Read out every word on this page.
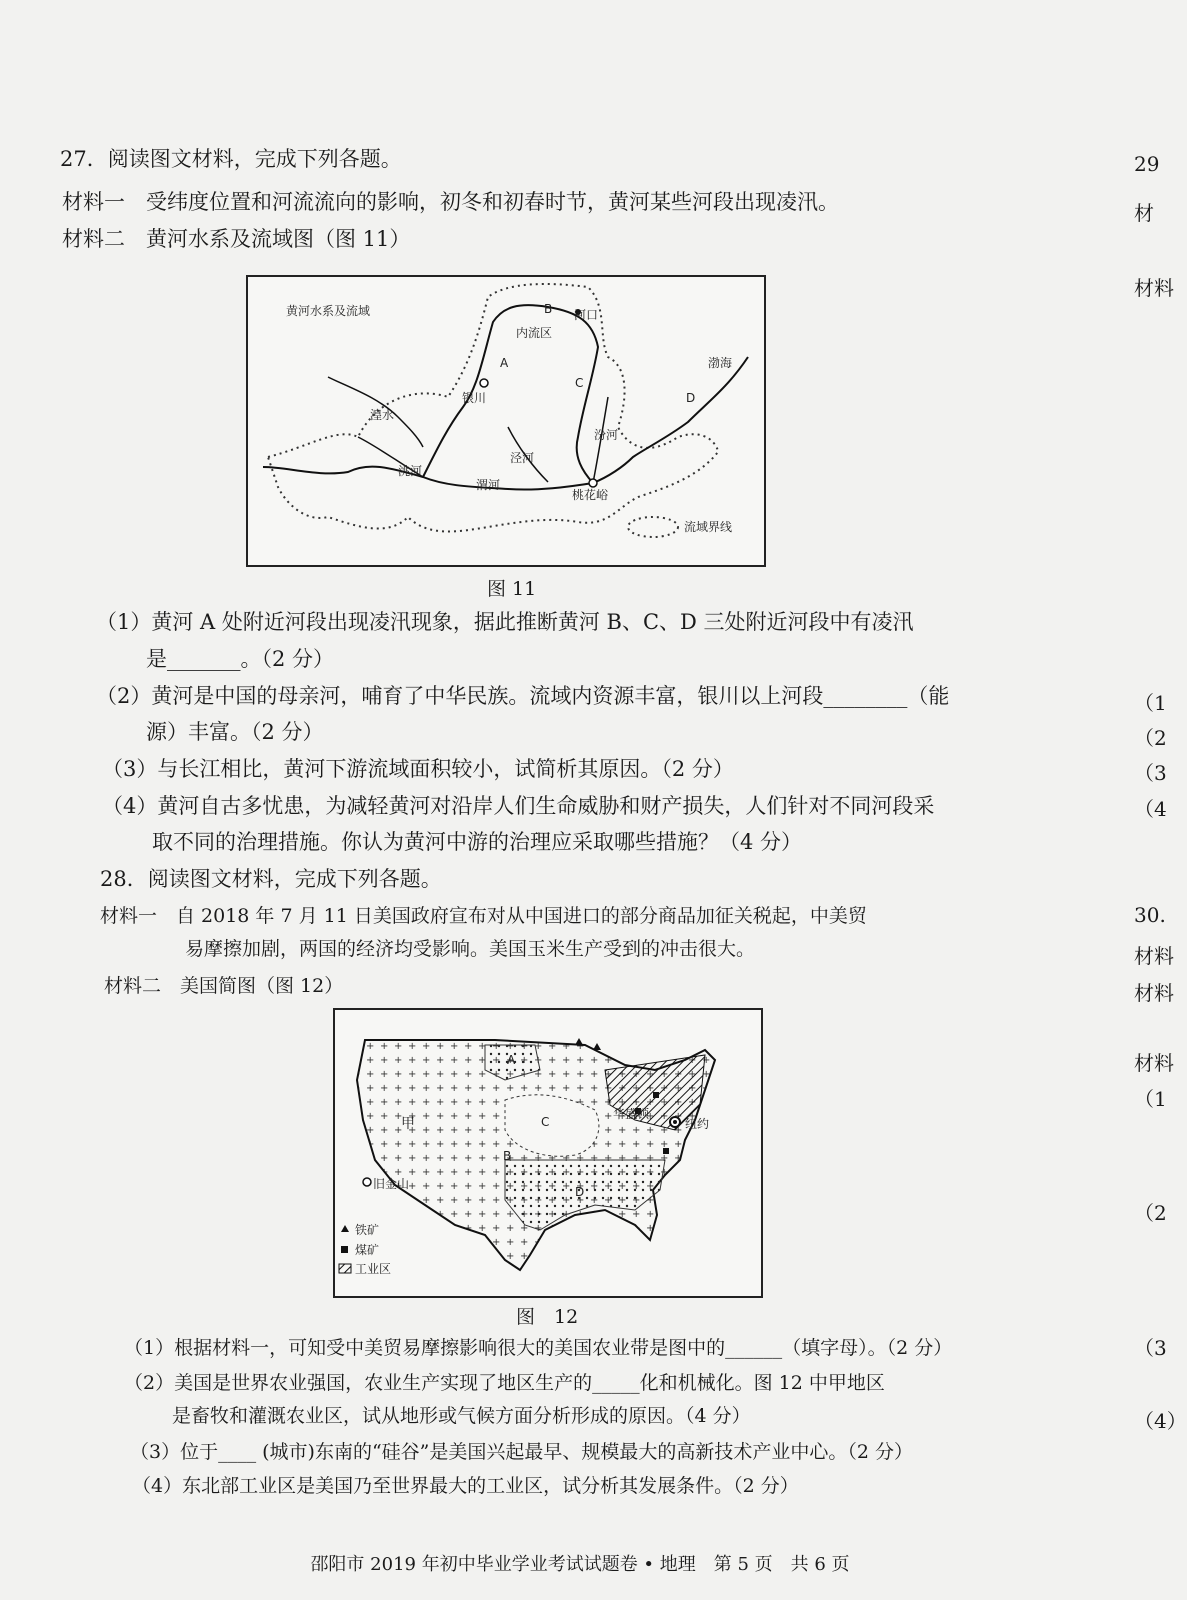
27．阅读图文材料，完成下列各题。
材料一　受纬度位置和河流流向的影响，初冬和初春时节，黄河某些河段出现凌汛。
材料二　黄河水系及流域图（图 11）
黄河水系及流域	B 河口
A
内流区
C
D
渤海
银川
湟水
洮河
渭河
泾河
汾河
桃花峪
流域界线
图 11
（1）黄河 A 处附近河段出现凌汛现象，据此推断黄河 B、C、D 三处附近河段中有凌汛
是_______。（2 分）
（2）黄河是中国的母亲河，哺育了中华民族。流域内资源丰富，银川以上河段________（能
源）丰富。（2 分）
（3）与长江相比，黄河下游流域面积较小，试简析其原因。（2 分）
（4）黄河自古多忧患，为减轻黄河对沿岸人们生命威胁和财产损失，人们针对不同河段采
取不同的治理措施。你认为黄河中游的治理应采取哪些措施？（4 分）
28．阅读图文材料，完成下列各题。
材料一　自 2018 年 7 月 11 日美国政府宣布对从中国进口的部分商品加征关税起，中美贸
易摩擦加剧，两国的经济均受影响。美国玉米生产受到的冲击很大。
材料二　美国简图（图 12）
A
甲
B
C
D
纽约
华盛顿
旧金山
铁矿
煤矿
工业区
图　12
（1）根据材料一，可知受中美贸易摩擦影响很大的美国农业带是图中的______（填字母）。（2 分）
（2）美国是世界农业强国，农业生产实现了地区生产的_____化和机械化。图 12 中甲地区
是畜牧和灌溉农业区，试从地形或气候方面分析形成的原因。（4 分）
（3）位于____ (城市)东南的“硅谷”是美国兴起最早、规模最大的高新技术产业中心。（2 分）
（4）东北部工业区是美国乃至世界最大的工业区，试分析其发展条件。（2 分）
29
材
材料
（1
（2
（3
（4
30.
材料
材料
材料
（1
（2
（3
（4）
邵阳市 2019 年初中毕业学业考试试题卷 • 地理　第 5 页　共 6 页
